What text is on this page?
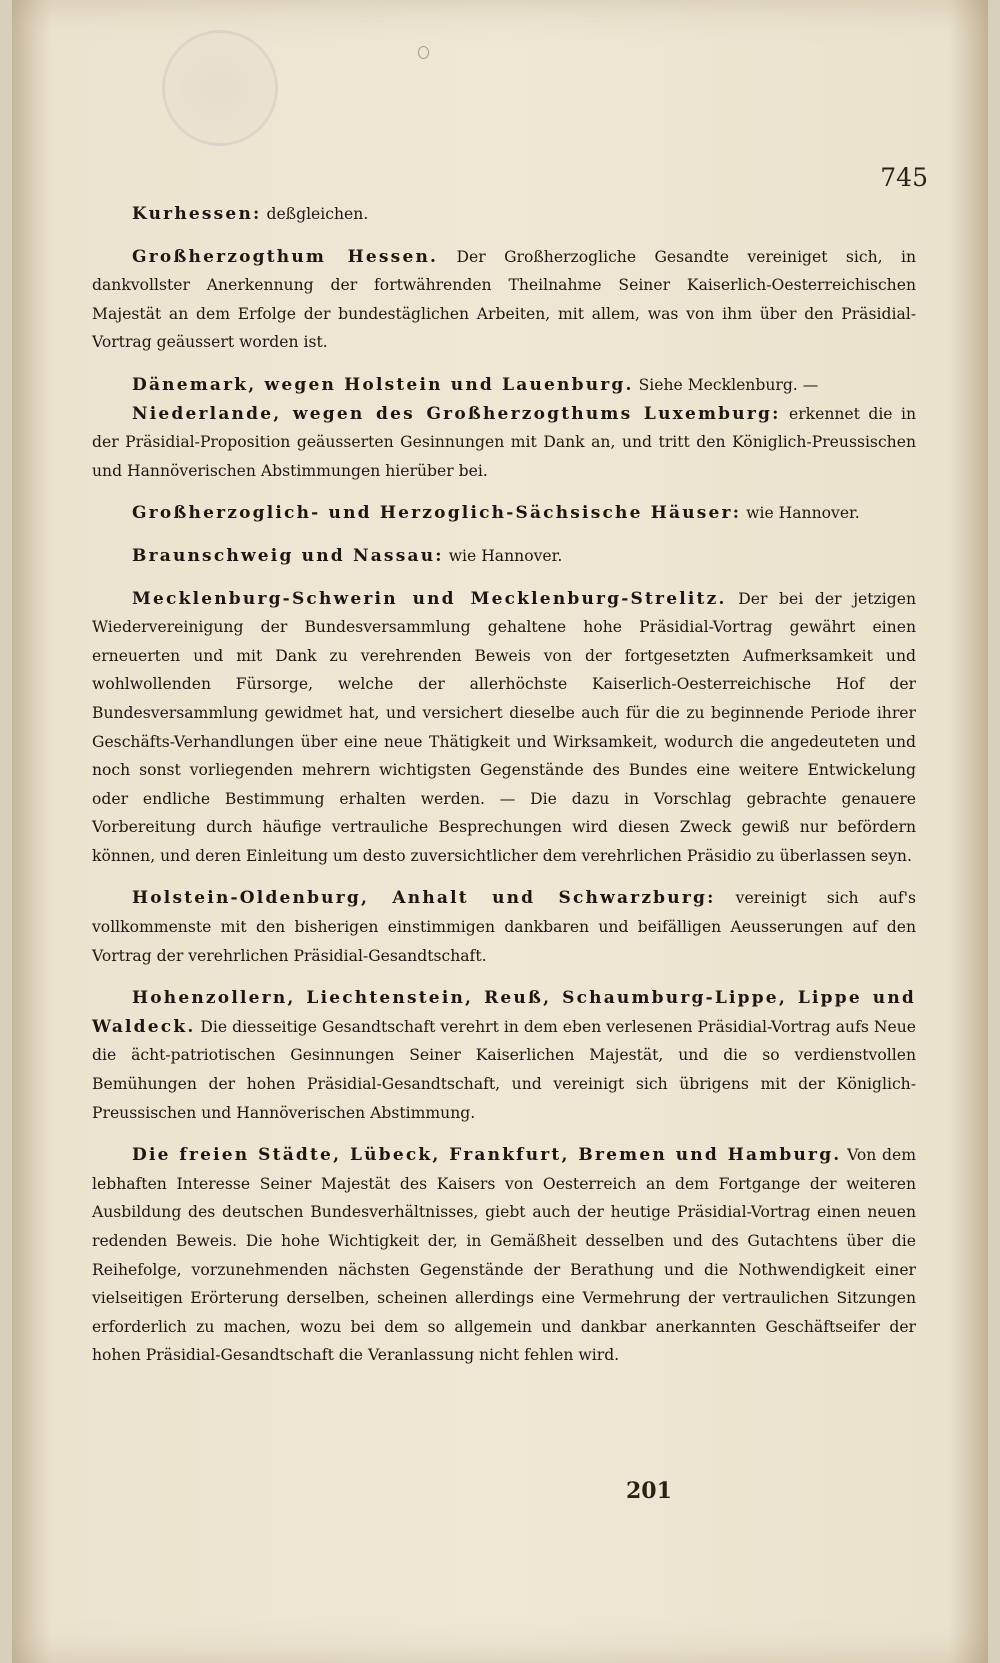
745

Kurhessen: deßgleichen.

Großherzogthum Hessen. Der Großherzogliche Gesandte vereiniget sich, in dankvollster Anerkennung der fortwährenden Theilnahme Seiner Kaiserlich-Oesterreichischen Majestät an dem Erfolge der bundestäglichen Arbeiten, mit allem, was von ihm über den Präsidial-Vortrag geäussert worden ist.

Dänemark, wegen Holstein und Lauenburg. Siehe Mecklenburg. —

Niederlande, wegen des Großherzogthums Luxemburg: erkennet die in der Präsidial-Proposition geäusserten Gesinnungen mit Dank an, und tritt den Königlich-Preussischen und Hannöverischen Abstimmungen hierüber bei.

Großherzoglich- und Herzoglich-Sächsische Häuser: wie Hannover.

Braunschweig und Nassau: wie Hannover.

Mecklenburg-Schwerin und Mecklenburg-Strelitz. Der bei der jetzigen Wiedervereinigung der Bundesversammlung gehaltene hohe Präsidial-Vortrag gewährt einen erneuerten und mit Dank zu verehrenden Beweis von der fortgesetzten Aufmerksamkeit und wohlwollenden Fürsorge, welche der allerhöchste Kaiserlich-Oesterreichische Hof der Bundesversammlung gewidmet hat, und versichert dieselbe auch für die zu beginnende Periode ihrer Geschäfts-Verhandlungen über eine neue Thätigkeit und Wirksamkeit, wodurch die angedeuteten und noch sonst vorliegenden mehrern wichtigsten Gegenstände des Bundes eine weitere Entwickelung oder endliche Bestimmung erhalten werden. — Die dazu in Vorschlag gebrachte genauere Vorbereitung durch häufige vertrauliche Besprechungen wird diesen Zweck gewiß nur befördern können, und deren Einleitung um desto zuversichtlicher dem verehrlichen Präsidio zu überlassen seyn.

Holstein-Oldenburg, Anhalt und Schwarzburg: vereinigt sich auf's vollkommenste mit den bisherigen einstimmigen dankbaren und beifälligen Aeusserungen auf den Vortrag der verehrlichen Präsidial-Gesandtschaft.

Hohenzollern, Liechtenstein, Reuß, Schaumburg-Lippe, Lippe und Waldeck. Die diesseitige Gesandtschaft verehrt in dem eben verlesenen Präsidial-Vortrag aufs Neue die ächt-patriotischen Gesinnungen Seiner Kaiserlichen Majestät, und die so verdienstvollen Bemühungen der hohen Präsidial-Gesandtschaft, und vereinigt sich übrigens mit der Königlich-Preussischen und Hannöverischen Abstimmung.

Die freien Städte, Lübeck, Frankfurt, Bremen und Hamburg. Von dem lebhaften Interesse Seiner Majestät des Kaisers von Oesterreich an dem Fortgange der weiteren Ausbildung des deutschen Bundesverhältnisses, giebt auch der heutige Präsidial-Vortrag einen neuen redenden Beweis. Die hohe Wichtigkeit der, in Gemäßheit desselben und des Gutachtens über die Reihefolge, vorzunehmenden nächsten Gegenstände der Berathung und die Nothwendigkeit einer vielseitigen Erörterung derselben, scheinen allerdings eine Vermehrung der vertraulichen Sitzungen erforderlich zu machen, wozu bei dem so allgemein und dankbar anerkannten Geschäftseifer der hohen Präsidial-Gesandtschaft die Veranlassung nicht fehlen wird.

201
